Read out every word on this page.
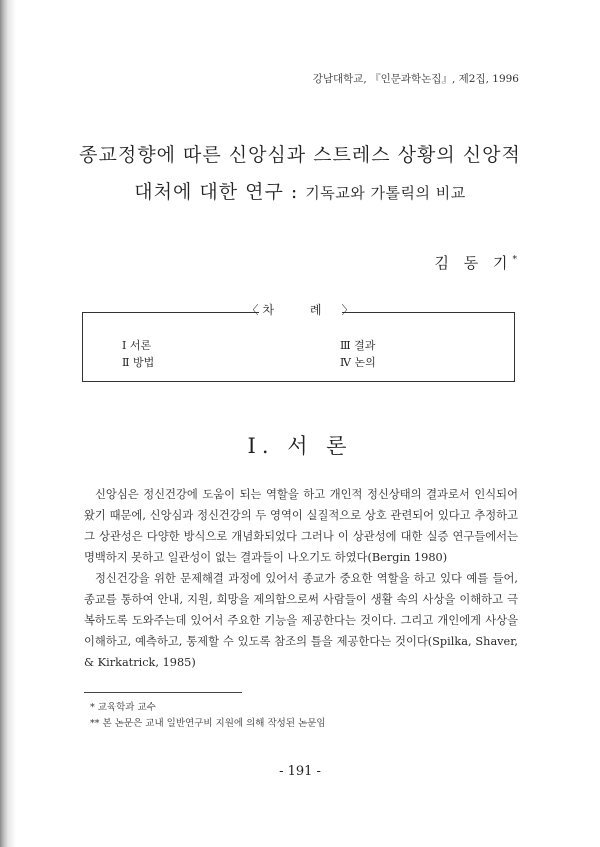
강남대학교, 『인문과학논집』, 제2집, 1996
종교정향에 따른 신앙심과 스트레스 상황의 신앙적
대처에 대한 연구 : 기독교와 가톨릭의 비교
김 동 기*
〈 차 례 〉
Ⅰ 서론
Ⅱ 방법
Ⅲ 결과
Ⅳ 논의
Ⅰ. 서 론

신앙심은 정신건강에 도움이 되는 역할을 하고 개인적 정신상태의 결과로서 인식되어 왔기 때문에, 신앙심과 정신건강의 두 영역이 실질적으로 상호 관련되어 있다고 추정하고 그 상관성은 다양한 방식으로 개념화되었다 그러나 이 상관성에 대한 실증 연구들에서는 명백하지 못하고 일관성이 없는 결과들이 나오기도 하였다(Bergin 1980)

정신건강을 위한 문제해결 과정에 있어서 종교가 중요한 역할을 하고 있다 예를 들어, 종교를 통하여 안내, 지원, 희망을 제의함으로써 사람들이 생활 속의 사상을 이해하고 극복하도록 도와주는데 있어서 주요한 기능을 제공한다는 것이다. 그리고 개인에게 사상을 이해하고, 예측하고, 통제할 수 있도록 참조의 틀을 제공한다는 것이다(Spilka, Shaver, & Kirkatrick, 1985)

* 교육학과 교수
** 본 논문은 교내 일반연구비 지원에 의해 작성된 논문임
- 191 -
